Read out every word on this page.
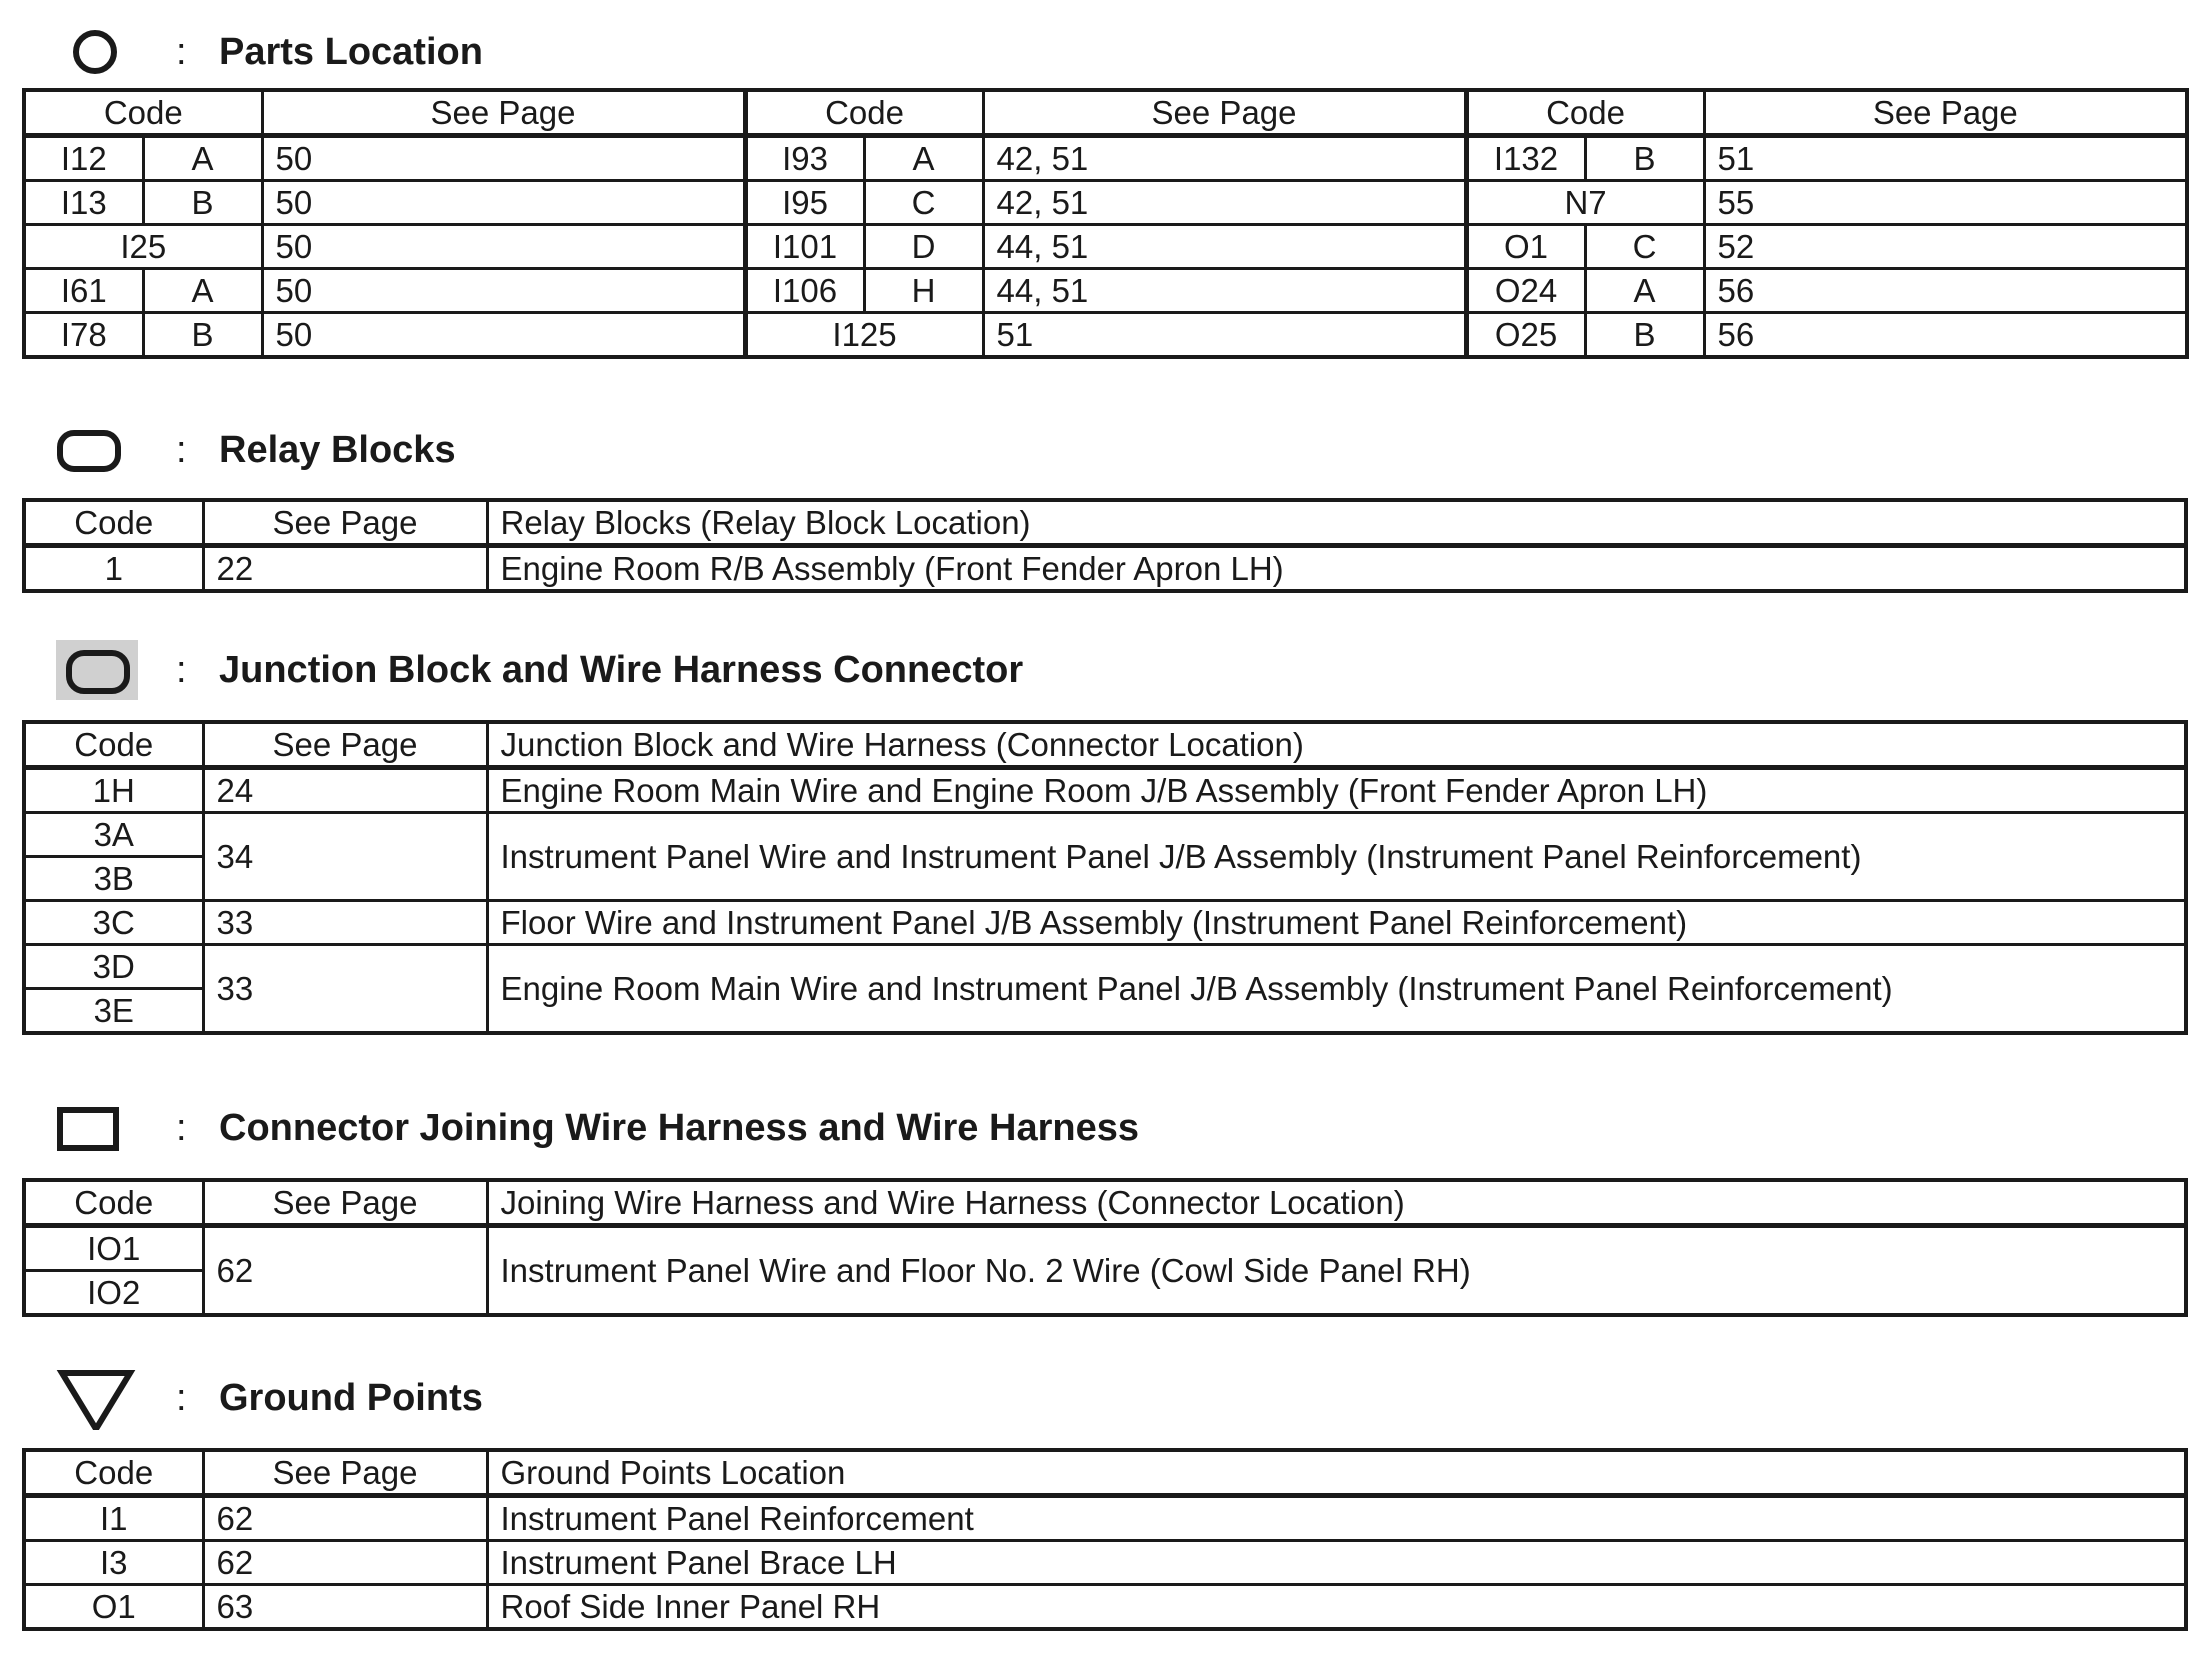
: Parts Location
Code		See Page	Code		See Page	Code		See Page
I12	A	50	I93	A	42, 51	I132	B	51
I13	B	50	I95	C	42, 51	N7		55
I25		50	I101	D	44, 51	O1	C	52
I61	A	50	I106	H	44, 51	O24	A	56
I78	B	50	I125		51	O25	B	56
: Relay Blocks
Code	See Page	Relay Blocks (Relay Block Location)
1	22	Engine Room R/B Assembly (Front Fender Apron LH)
: Junction Block and Wire Harness Connector
Code	See Page	Junction Block and Wire Harness (Connector Location)
1H	24	Engine Room Main Wire and Engine Room J/B Assembly (Front Fender Apron LH)
3A	34	Instrument Panel Wire and Instrument Panel J/B Assembly (Instrument Panel Reinforcement)
3B		
3C	33	Floor Wire and Instrument Panel J/B Assembly (Instrument Panel Reinforcement)
3D	33	Engine Room Main Wire and Instrument Panel J/B Assembly (Instrument Panel Reinforcement)
3E		
: Connector Joining Wire Harness and Wire Harness
Code	See Page	Joining Wire Harness and Wire Harness (Connector Location)
IO1	62	Instrument Panel Wire and Floor No. 2 Wire (Cowl Side Panel RH)
IO2		
: Ground Points
Code	See Page	Ground Points Location
I1	62	Instrument Panel Reinforcement
I3	62	Instrument Panel Brace LH
O1	63	Roof Side Inner Panel RH
